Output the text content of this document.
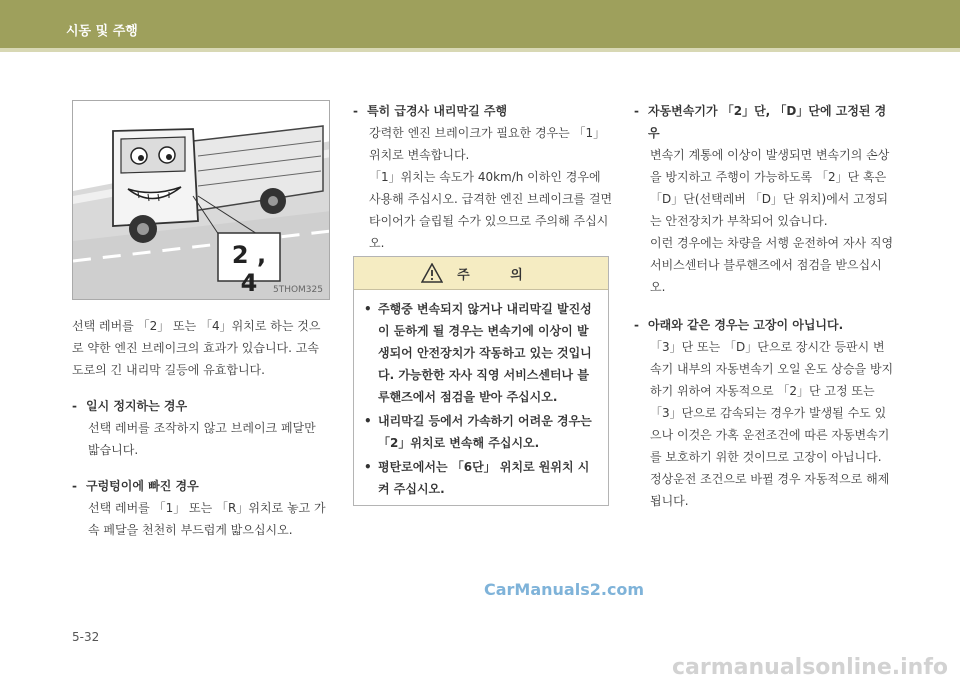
시동 및 주행
2 , 4	5THOM325

선택 레버를 「2」 또는 「4」위치로 하는 것으로 약한 엔진 브레이크의 효과가 있습니다. 고속도로의 긴 내리막 길등에 유효합니다.

- 일시 정지하는 경우
선택 레버를 조작하지 않고 브레이크 페달만 밟습니다.
- 구렁텅이에 빠진 경우
선택 레버를 「1」 또는 「R」위치로 놓고 가속 페달을 천천히 부드럽게 밟으십시오.
- 특히 급경사 내리막길 주행
강력한 엔진 브레이크가 필요한 경우는 「1」 위치로 변속합니다.
「1」위치는 속도가 40km/h 이하인 경우에 사용해 주십시오. 급격한 엔진 브레이크를 걸면 타이어가 슬립될 수가 있으므로 주의해 주십시오.
주 의
• 주행중 변속되지 않거나 내리막길 발진성이 둔하게 될 경우는 변속기에 이상이 발생되어 안전장치가 작동하고 있는 것입니다. 가능한한 자사 직영 서비스센터나 블루핸즈에서 점검을 받아 주십시오.
• 내리막길 등에서 가속하기 어려운 경우는 「2」위치로 변속해 주십시오.
• 평탄로에서는 「6단」 위치로 원위치 시켜 주십시오.
- 자동변속기가 「2」단, 「D」단에 고정된 경우
변속기 계통에 이상이 발생되면 변속기의 손상을 방지하고 주행이 가능하도록 「2」단 혹은 「D」단(선택레버 「D」단 위치)에서 고정되는 안전장치가 부착되어 있습니다.
이런 경우에는 차량을 서행 운전하여 자사 직영 서비스센터나 블루핸즈에서 점검을 받으십시오.
- 아래와 같은 경우는 고장이 아닙니다.
「3」단 또는 「D」단으로 장시간 등판시 변속기 내부의 자동변속기 오일 온도 상승을 방지하기 위하여 자동적으로 「2」단 고정 또는 「3」단으로 감속되는 경우가 발생될 수도 있으나 이것은 가혹 운전조건에 따른 자동변속기를 보호하기 위한 것이므로 고장이 아닙니다. 정상운전 조건으로 바뀔 경우 자동적으로 해제됩니다.
5-32
CarManuals2.com
carmanualsonline.info
